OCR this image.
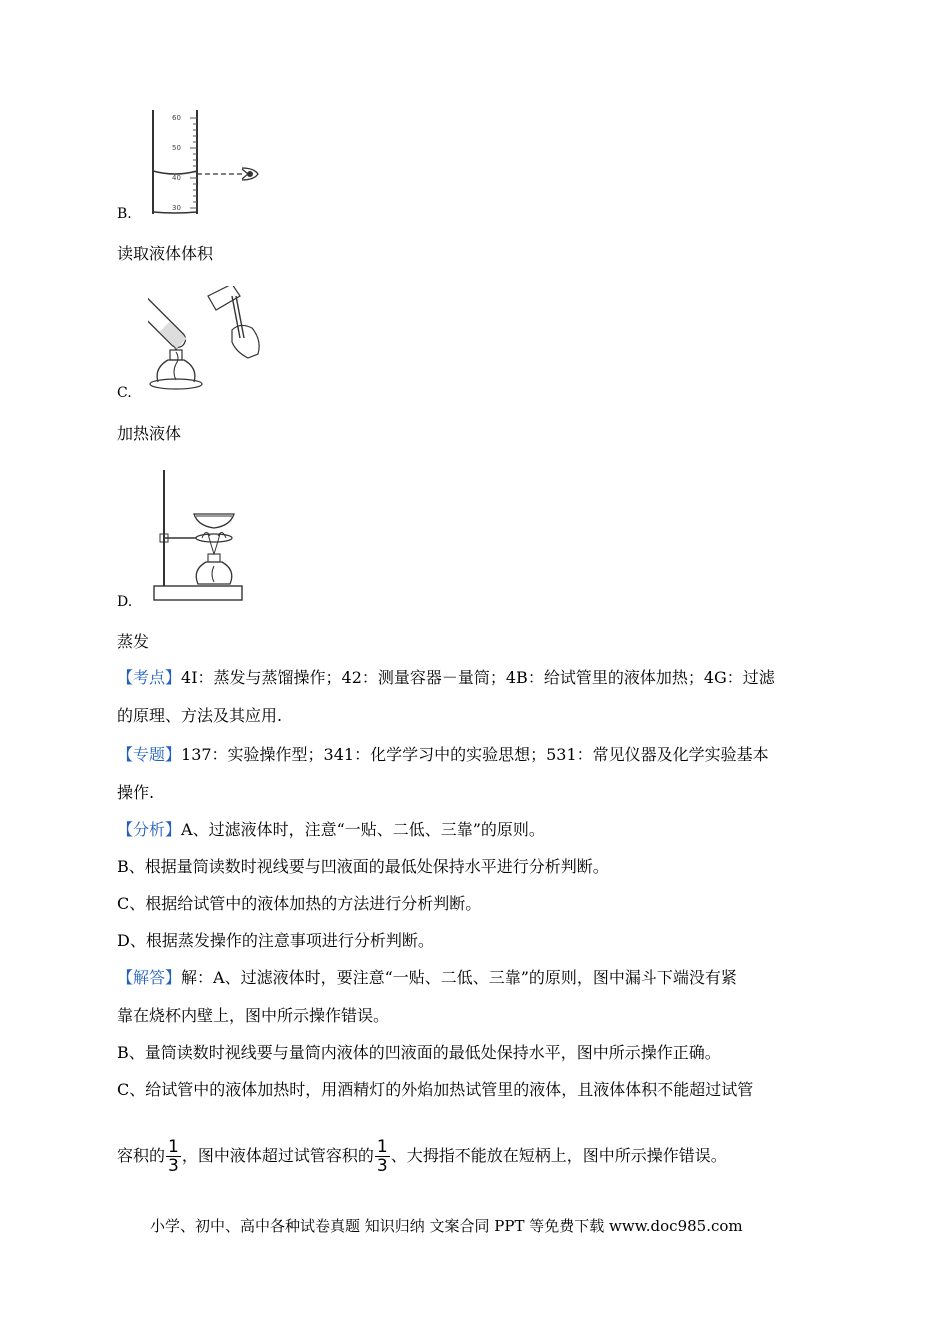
60
50
40
30
B.
读取液体体积
C.
加热液体
D.
蒸发
【考点】4I：蒸发与蒸馏操作；42：测量容器－量筒；4B：给试管里的液体加热；4G：过滤
的原理、方法及其应用.
【专题】137：实验操作型；341：化学学习中的实验思想；531：常见仪器及化学实验基本
操作.
【分析】A、过滤液体时，注意“一贴、二低、三靠”的原则。
B、根据量筒读数时视线要与凹液面的最低处保持水平进行分析判断。
C、根据给试管中的液体加热的方法进行分析判断。
D、根据蒸发操作的注意事项进行分析判断。
【解答】解：A、过滤液体时，要注意“一贴、二低、三靠”的原则，图中漏斗下端没有紧
靠在烧杯内壁上，图中所示操作错误。
B、量筒读数时视线要与量筒内液体的凹液面的最低处保持水平，图中所示操作正确。
C、给试管中的液体加热时，用酒精灯的外焰加热试管里的液体，且液体体积不能超过试管
容积的 $\frac{1}{3}$ ，图中液体超过试管容积的 $\frac{1}{3}$ 、大拇指不能放在短柄上，图中所示操作错误。
小学、初中、高中各种试卷真题 知识归纳 文案合同 PPT 等免费下载 www.doc985.com
